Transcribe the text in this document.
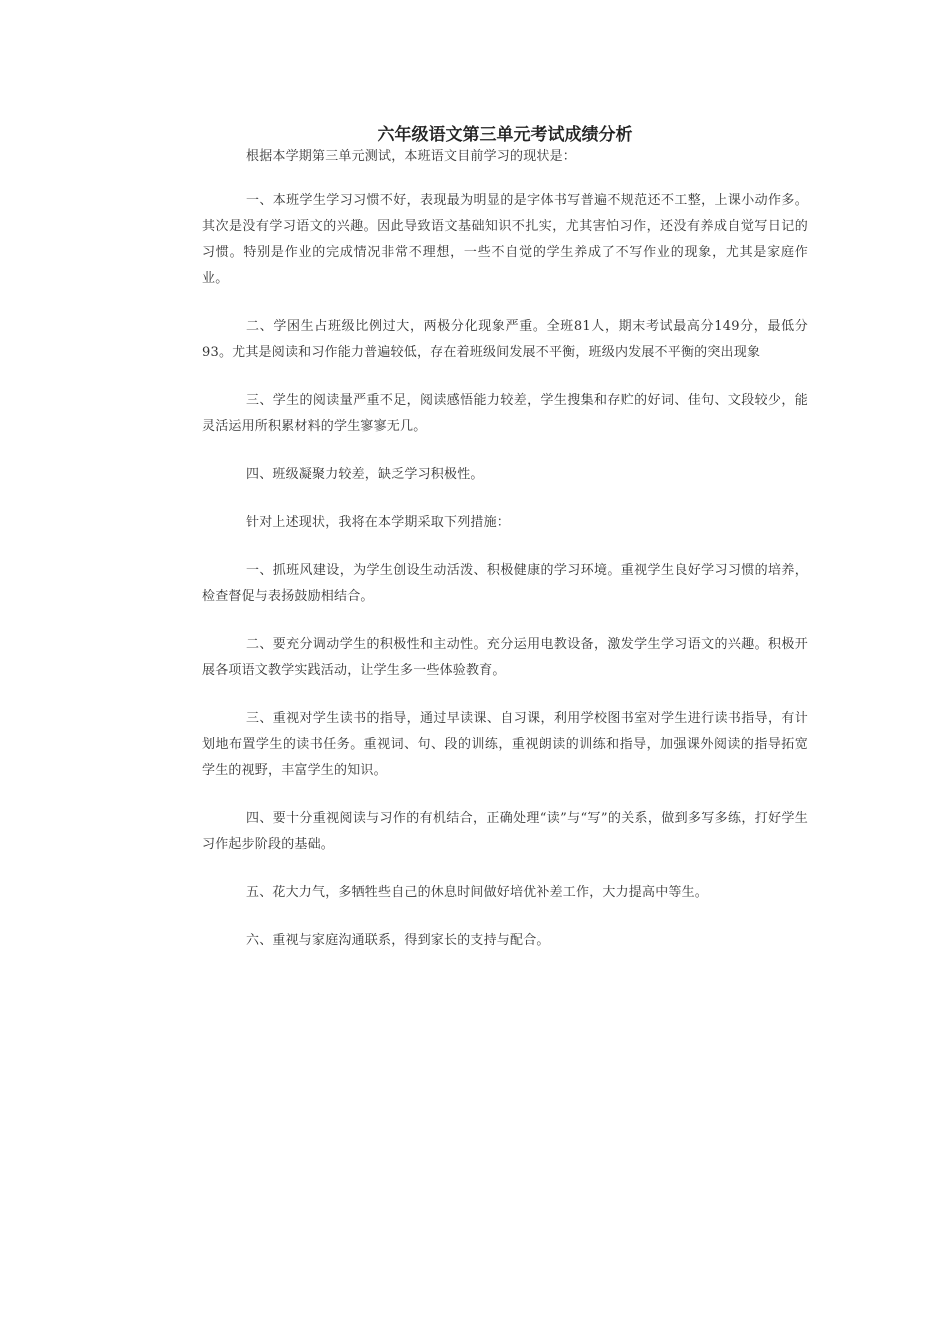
六年级语文第三单元考试成绩分析

根据本学期第三单元测试，本班语文目前学习的现状是：

一、本班学生学习习惯不好，表现最为明显的是字体书写普遍不规范还不工整，上课小动作多。其次是没有学习语文的兴趣。因此导致语文基础知识不扎实，尤其害怕习作，还没有养成自觉写日记的习惯。特别是作业的完成情况非常不理想，一些不自觉的学生养成了不写作业的现象，尤其是家庭作业。

二、学困生占班级比例过大，两极分化现象严重。全班81人，期末考试最高分149分，最低分93。尤其是阅读和习作能力普遍较低，存在着班级间发展不平衡，班级内发展不平衡的突出现象

三、学生的阅读量严重不足，阅读感悟能力较差，学生搜集和存贮的好词、佳句、文段较少，能灵活运用所积累材料的学生寥寥无几。

四、班级凝聚力较差，缺乏学习积极性。

针对上述现状，我将在本学期采取下列措施：

一、抓班风建设，为学生创设生动活泼、积极健康的学习环境。重视学生良好学习习惯的培养，检查督促与表扬鼓励相结合。

二、要充分调动学生的积极性和主动性。充分运用电教设备，激发学生学习语文的兴趣。积极开展各项语文教学实践活动，让学生多一些体验教育。

三、重视对学生读书的指导，通过早读课、自习课，利用学校图书室对学生进行读书指导，有计划地布置学生的读书任务。重视词、句、段的训练，重视朗读的训练和指导，加强课外阅读的指导拓宽学生的视野，丰富学生的知识。

四、要十分重视阅读与习作的有机结合，正确处理“读”与“写”的关系，做到多写多练，打好学生习作起步阶段的基础。

五、花大力气，多牺牲些自己的休息时间做好培优补差工作，大力提高中等生。

六、重视与家庭沟通联系，得到家长的支持与配合。
